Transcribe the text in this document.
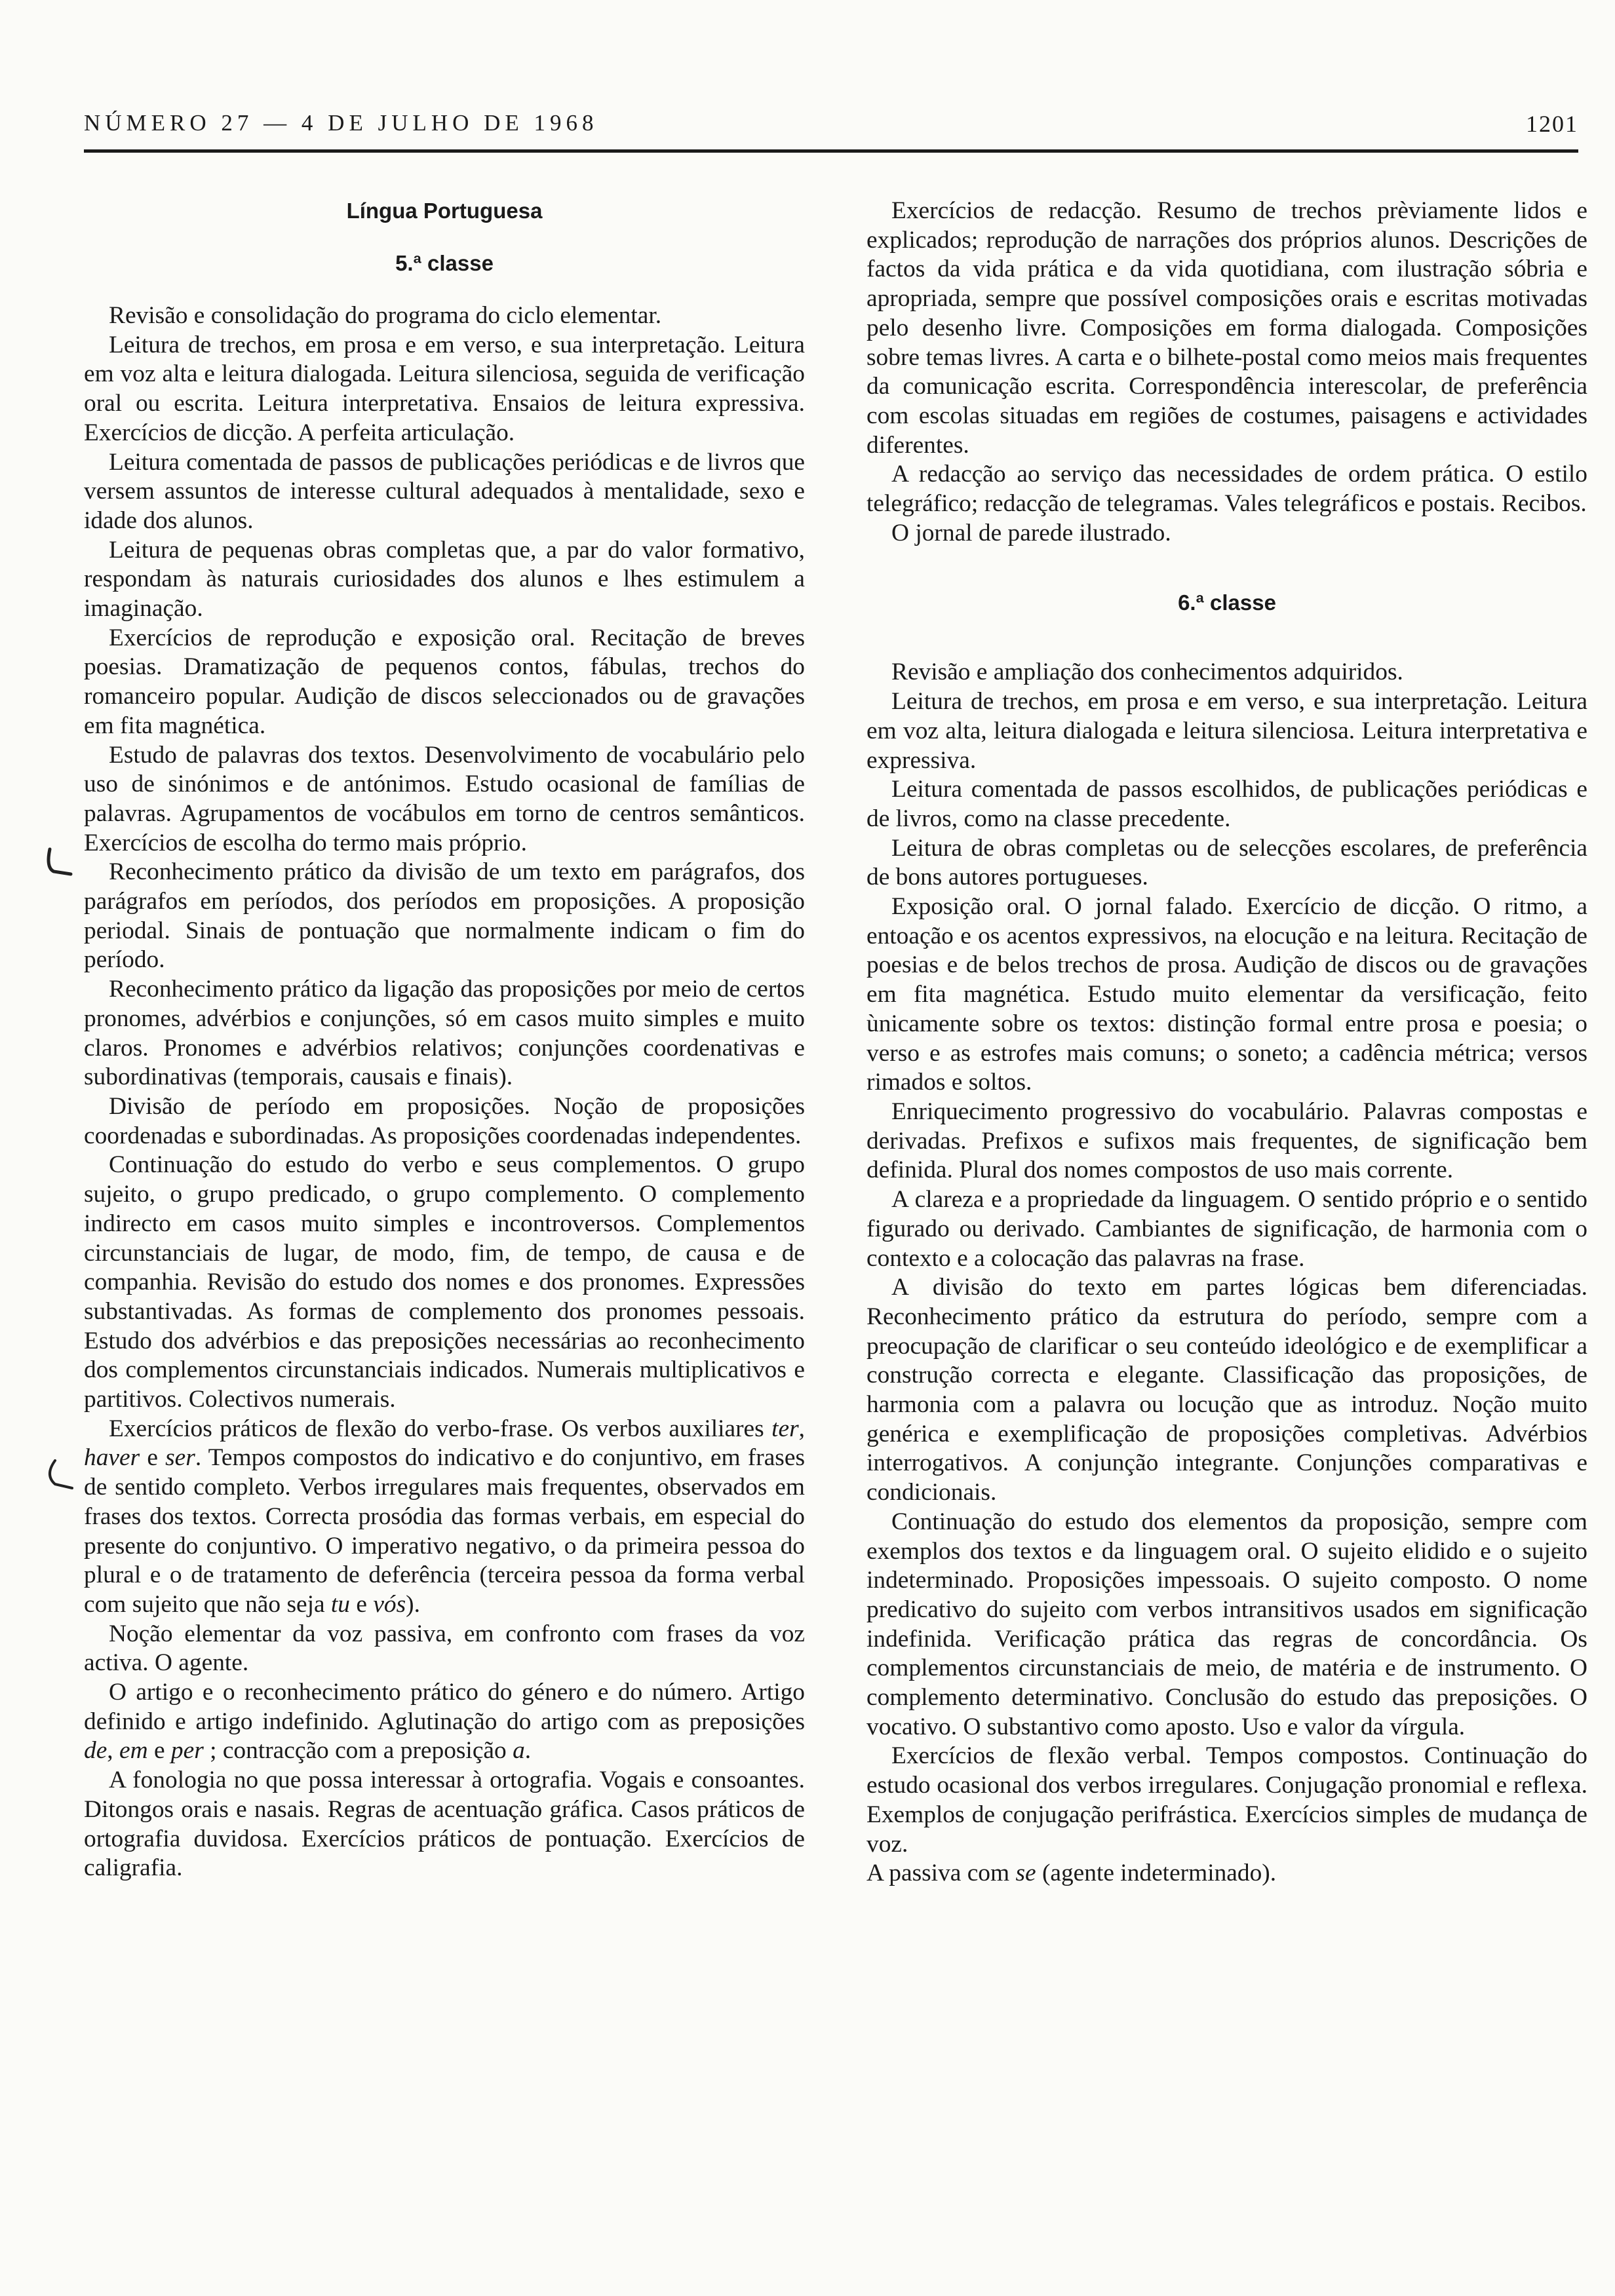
NÚMERO 27 — 4 DE JULHO DE 1968	1201
Língua Portuguesa
5.ª classe

Revisão e consolidação do programa do ciclo elementar.

Leitura de trechos, em prosa e em verso, e sua interpretação. Leitura em voz alta e leitura dialogada. Leitura silenciosa, seguida de verificação oral ou escrita. Leitura interpretativa. Ensaios de leitura expressiva. Exercícios de dicção. A perfeita articulação.

Leitura comentada de passos de publicações periódicas e de livros que versem assuntos de interesse cultural adequados à mentalidade, sexo e idade dos alunos.

Leitura de pequenas obras completas que, a par do valor formativo, respondam às naturais curiosidades dos alunos e lhes estimulem a imaginação.

Exercícios de reprodução e exposição oral. Recitação de breves poesias. Dramatização de pequenos contos, fábulas, trechos do romanceiro popular. Audição de discos seleccionados ou de gravações em fita magnética.

Estudo de palavras dos textos. Desenvolvimento de vocabulário pelo uso de sinónimos e de antónimos. Estudo ocasional de famílias de palavras. Agrupamentos de vocábulos em torno de centros semânticos. Exercícios de escolha do termo mais próprio.

Reconhecimento prático da divisão de um texto em parágrafos, dos parágrafos em períodos, dos períodos em proposições. A proposição periodal. Sinais de pontuação que normalmente indicam o fim do período.

Reconhecimento prático da ligação das proposições por meio de certos pronomes, advérbios e conjunções, só em casos muito simples e muito claros. Pronomes e advérbios relativos; conjunções coordenativas e subordinativas (temporais, causais e finais).

Divisão de período em proposições. Noção de proposições coordenadas e subordinadas. As proposições coordenadas independentes.

Continuação do estudo do verbo e seus complementos. O grupo sujeito, o grupo predicado, o grupo complemento. O complemento indirecto em casos muito simples e incontroversos. Complementos circunstanciais de lugar, de modo, fim, de tempo, de causa e de companhia. Revisão do estudo dos nomes e dos pronomes. Expressões substantivadas. As formas de complemento dos pronomes pessoais. Estudo dos advérbios e das preposições necessárias ao reconhecimento dos complementos circunstanciais indicados. Numerais multiplicativos e partitivos. Colectivos numerais.

Exercícios práticos de flexão do verbo-frase. Os verbos auxiliares ter, haver e ser. Tempos compostos do indicativo e do conjuntivo, em frases de sentido completo. Verbos irregulares mais frequentes, observados em frases dos textos. Correcta prosódia das formas verbais, em especial do presente do conjuntivo. O imperativo negativo, o da primeira pessoa do plural e o de tratamento de deferência (terceira pessoa da forma verbal com sujeito que não seja tu e vós).

Noção elementar da voz passiva, em confronto com frases da voz activa. O agente.

O artigo e o reconhecimento prático do género e do número. Artigo definido e artigo indefinido. Aglutinação do artigo com as preposições de, em e per ; contracção com a preposição a.

A fonologia no que possa interessar à ortografia. Vogais e consoantes. Ditongos orais e nasais. Regras de acentuação gráfica. Casos práticos de ortografia duvidosa. Exercícios práticos de pontuação. Exercícios de caligrafia.

Exercícios de redacção. Resumo de trechos prèviamente lidos e explicados; reprodução de narrações dos próprios alunos. Descrições de factos da vida prática e da vida quotidiana, com ilustração sóbria e apropriada, sempre que possível composições orais e escritas motivadas pelo desenho livre. Composições em forma dialogada. Composições sobre temas livres. A carta e o bilhete-postal como meios mais frequentes da comunicação escrita. Correspondência interescolar, de preferência com escolas situadas em regiões de costumes, paisagens e actividades diferentes.

A redacção ao serviço das necessidades de ordem prática. O estilo telegráfico; redacção de telegramas. Vales telegráficos e postais. Recibos.

O jornal de parede ilustrado.

6.ª classe

Revisão e ampliação dos conhecimentos adquiridos.

Leitura de trechos, em prosa e em verso, e sua interpretação. Leitura em voz alta, leitura dialogada e leitura silenciosa. Leitura interpretativa e expressiva.

Leitura comentada de passos escolhidos, de publicações periódicas e de livros, como na classe precedente.

Leitura de obras completas ou de selecções escolares, de preferência de bons autores portugueses.

Exposição oral. O jornal falado. Exercício de dicção. O ritmo, a entoação e os acentos expressivos, na elocução e na leitura. Recitação de poesias e de belos trechos de prosa. Audição de discos ou de gravações em fita magnética. Estudo muito elementar da versificação, feito ùnicamente sobre os textos: distinção formal entre prosa e poesia; o verso e as estrofes mais comuns; o soneto; a cadência métrica; versos rimados e soltos.

Enriquecimento progressivo do vocabulário. Palavras compostas e derivadas. Prefixos e sufixos mais frequentes, de significação bem definida. Plural dos nomes compostos de uso mais corrente.

A clareza e a propriedade da linguagem. O sentido próprio e o sentido figurado ou derivado. Cambiantes de significação, de harmonia com o contexto e a colocação das palavras na frase.

A divisão do texto em partes lógicas bem diferenciadas. Reconhecimento prático da estrutura do período, sempre com a preocupação de clarificar o seu conteúdo ideológico e de exemplificar a construção correcta e elegante. Classificação das proposições, de harmonia com a palavra ou locução que as introduz. Noção muito genérica e exemplificação de proposições completivas. Advérbios interrogativos. A conjunção integrante. Conjunções comparativas e condicionais.

Continuação do estudo dos elementos da proposição, sempre com exemplos dos textos e da linguagem oral. O sujeito elidido e o sujeito indeterminado. Proposições impessoais. O sujeito composto. O nome predicativo do sujeito com verbos intransitivos usados em significação indefinida. Verificação prática das regras de concordância. Os complementos circunstanciais de meio, de matéria e de instrumento. O complemento determinativo. Conclusão do estudo das preposições. O vocativo. O substantivo como aposto. Uso e valor da vírgula.

Exercícios de flexão verbal. Tempos compostos. Continuação do estudo ocasional dos verbos irregulares. Conjugação pronomial e reflexa. Exemplos de conjugação perifrástica. Exercícios simples de mudança de voz.

A passiva com se (agente indeterminado).
